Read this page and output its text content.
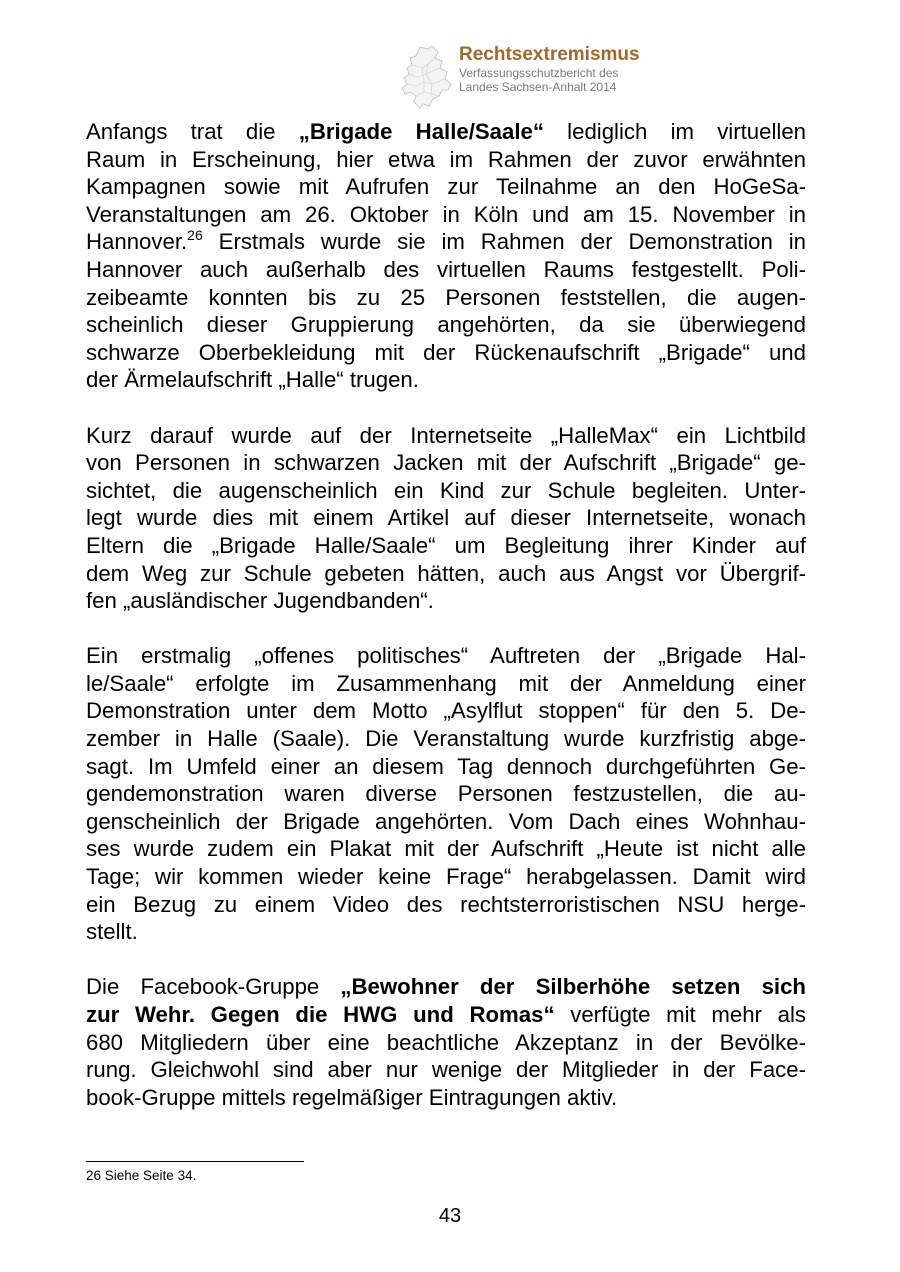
Rechtsextremismus
Verfassungsschutzbericht des
Landes Sachsen-Anhalt 2014
Anfangs trat die „Brigade Halle/Saale“ lediglich im virtuellen
Raum in Erscheinung, hier etwa im Rahmen der zuvor erwähnten
Kampagnen sowie mit Aufrufen zur Teilnahme an den HoGeSa-
Veranstaltungen am 26. Oktober in Köln und am 15. November in
Hannover.$^{26}$ Erstmals wurde sie im Rahmen der Demonstration in
Hannover auch außerhalb des virtuellen Raums festgestellt. Poli-
zeibeamte konnten bis zu 25 Personen feststellen, die augen-
scheinlich dieser Gruppierung angehörten, da sie überwiegend
schwarze Oberbekleidung mit der Rückenaufschrift „Brigade“ und
der Ärmelaufschrift „Halle“ trugen.
Kurz darauf wurde auf der Internetseite „HalleMax“ ein Lichtbild
von Personen in schwarzen Jacken mit der Aufschrift „Brigade“ ge-
sichtet, die augenscheinlich ein Kind zur Schule begleiten. Unter-
legt wurde dies mit einem Artikel auf dieser Internetseite, wonach
Eltern die „Brigade Halle/Saale“ um Begleitung ihrer Kinder auf
dem Weg zur Schule gebeten hätten, auch aus Angst vor Übergrif-
fen „ausländischer Jugendbanden“.
Ein erstmalig „offenes politisches“ Auftreten der „Brigade Hal-
le/Saale“ erfolgte im Zusammenhang mit der Anmeldung einer
Demonstration unter dem Motto „Asylflut stoppen“ für den 5. De-
zember in Halle (Saale). Die Veranstaltung wurde kurzfristig abge-
sagt. Im Umfeld einer an diesem Tag dennoch durchgeführten Ge-
gendemonstration waren diverse Personen festzustellen, die au-
genscheinlich der Brigade angehörten. Vom Dach eines Wohnhau-
ses wurde zudem ein Plakat mit der Aufschrift „Heute ist nicht alle
Tage; wir kommen wieder keine Frage“ herabgelassen. Damit wird
ein Bezug zu einem Video des rechtsterroristischen NSU herge-
stellt.
Die Facebook-Gruppe „Bewohner der Silberhöhe setzen sich
zur Wehr. Gegen die HWG und Romas“ verfügte mit mehr als
680 Mitgliedern über eine beachtliche Akzeptanz in der Bevölke-
rung. Gleichwohl sind aber nur wenige der Mitglieder in der Face-
book-Gruppe mittels regelmäßiger Eintragungen aktiv.
26 Siehe Seite 34.
43
